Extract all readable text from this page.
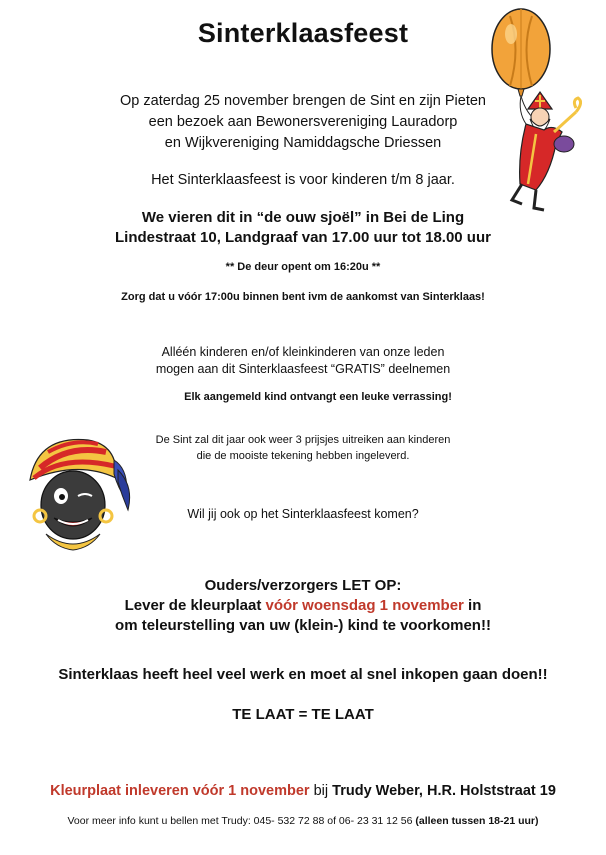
Sinterklaasfeest
Op zaterdag 25 november brengen de Sint en zijn Pieten
een bezoek aan Bewonersvereniging Lauradorp
en Wijkvereniging Namiddagsche Driessen
Het Sinterklaasfeest is voor kinderen t/m 8 jaar.
We vieren dit in “de ouw sjoël” in Bei de Ling
Lindestraat 10, Landgraaf van 17.00 uur tot 18.00 uur
** De deur opent om 16:20u **
Zorg dat u vóór 17:00u binnen bent ivm de aankomst van Sinterklaas!
Alléén kinderen en/of kleinkinderen van onze leden
mogen aan dit Sinterklaasfeest “GRATIS” deelnemen
Elk aangemeld kind ontvangt een leuke verrassing!
De Sint zal dit jaar ook weer 3 prijsjes uitreiken aan kinderen
die de mooiste tekening hebben ingeleverd.
Wil jij ook op het Sinterklaasfeest komen?
Ouders/verzorgers LET OP:
Lever de kleurplaat vóór woensdag 1 november in
om teleurstelling van uw (klein-) kind te voorkomen!!
Sinterklaas heeft heel veel werk en moet al snel inkopen gaan doen!!
TE LAAT = TE LAAT
Kleurplaat inleveren vóór 1 november bij Trudy Weber, H.R. Holststraat 19
Voor meer info kunt u bellen met Trudy: 045- 532 72 88 of 06- 23 31 12 56 (alleen tussen 18-21 uur)
